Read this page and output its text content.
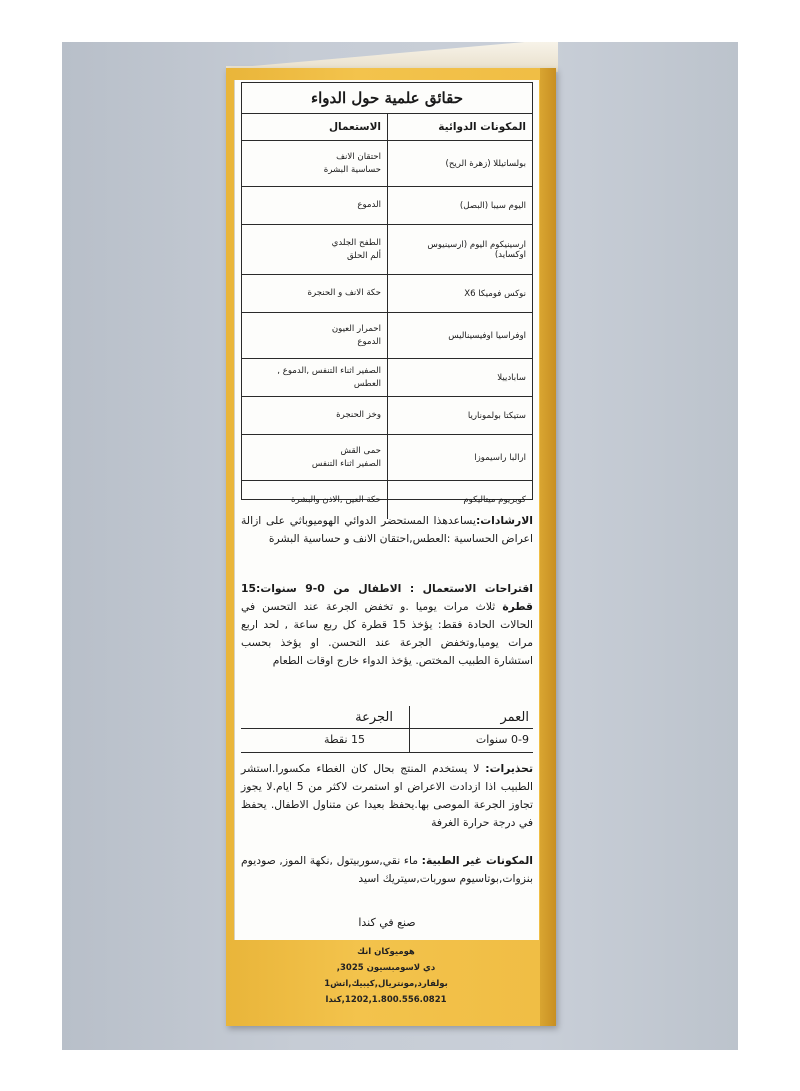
حقائق علمية حول الدواء
المكونات الدوائية
الاستعمال
بولساتيللا (زهرة الريح)
احتقان الانف
حساسية البشرة
اليوم سيبا (البصل)
الدموع
ارسينيكوم اليوم (ارسينيوس اوكسايد)
الطفح الجلدي
ألم الحلق
نوكس فوميكا X6
حكة الانف و الحنجرة
اوفراسيا اوفيسيناليس
احمرار العيون
الدموع
سابادييلا
الصفير اثناء التنفس ,الدموع , العطس
ستيكتا بولموناريا
وخز الحنجرة
ارالبا راسيموزا
حمى القش
الصفير اثناء التنفس
كوبريوم ميتاليكوم
حكة العين ,الاذن والبشرة
الارشادات:يساعدهذا المستحضر الدوائي الهوميوباثي على ازالة اعراض الحساسية :العطس,احتقان الانف و حساسية البشرة
اقتراحات الاستعمال : الاطفال من 0-9 سنوات:15 قطرة ثلاث مرات يوميا .و تخفض الجرعة عند التحسن في الحالات الحادة فقط: يؤخذ 15 قطرة كل ربع ساعة , لحد اربع مرات يوميا,وتخفض الجرعة عند التحسن. او يؤخذ بحسب استشارة الطبيب المختص. يؤخذ الدواء خارج اوقات الطعام
العمر
الجرعة
0-9 سنوات
15 نقطة
تحذيرات: لا يستخدم المنتج بحال كان الغطاء مكسورا.استشر الطبيب اذا ازدادت الاعراض او استمرت لاكثر من 5 ايام.لا يجوز تجاوز الجرعة الموصى بها.يحفظ بعيدا عن متناول الاطفال. يحفظ في درجة حرارة الغرفة
المكونات غير الطبية: ماء نقي,سوربيتول ,نكهة الموز, صوديوم بنزوات,بوتاسيوم سوربات,سيتريك اسيد
صنع في كندا
هوميوكان انك
دي لاسومبسيون 3025,
بولفارد,مونتريال,كيبيك,اتش1
1202,1.800.556.0821,كندا
